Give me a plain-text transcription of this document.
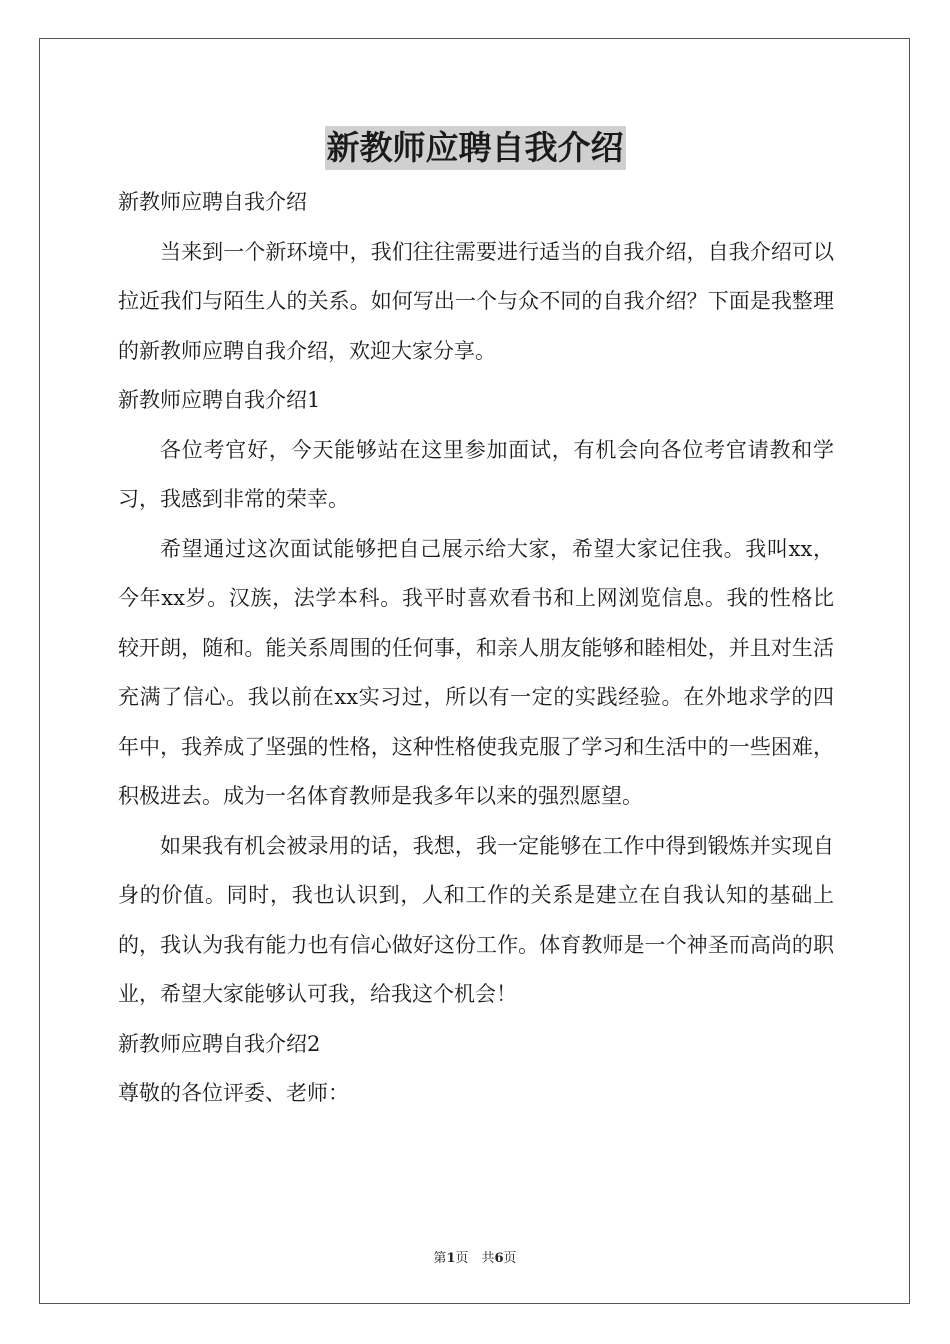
新教师应聘自我介绍
新教师应聘自我介绍
当来到一个新环境中，我们往往需要进行适当的自我介绍，自我介绍可以拉近我们与陌生人的关系。如何写出一个与众不同的自我介绍？下面是我整理的新教师应聘自我介绍，欢迎大家分享。
新教师应聘自我介绍1
各位考官好，今天能够站在这里参加面试，有机会向各位考官请教和学习，我感到非常的荣幸。
希望通过这次面试能够把自己展示给大家，希望大家记住我。我叫xx，今年xx岁。汉族，法学本科。我平时喜欢看书和上网浏览信息。我的性格比较开朗，随和。能关系周围的任何事，和亲人朋友能够和睦相处，并且对生活充满了信心。我以前在xx实习过，所以有一定的实践经验。在外地求学的四年中，我养成了坚强的性格，这种性格使我克服了学习和生活中的一些困难，积极进去。成为一名体育教师是我多年以来的强烈愿望。
如果我有机会被录用的话，我想，我一定能够在工作中得到锻炼并实现自身的价值。同时，我也认识到，人和工作的关系是建立在自我认知的基础上的，我认为我有能力也有信心做好这份工作。体育教师是一个神圣而高尚的职业，希望大家能够认可我，给我这个机会！
新教师应聘自我介绍2
尊敬的各位评委、老师：
第1页　共6页
